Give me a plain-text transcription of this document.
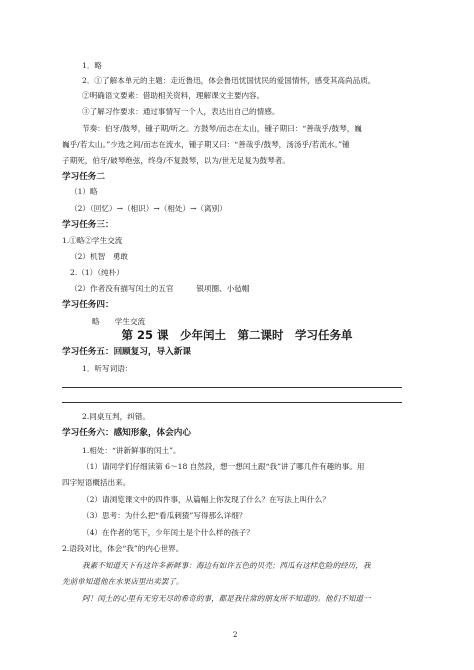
1．略
2．①了解本单元的主题：走近鲁迅，体会鲁迅忧国忧民的爱国情怀，感受其高尚品质。
②明确语文要素：借助相关资料，理解课文主要内容。
③了解习作要求：通过事情写一个人，表达出自己的情感。
节奏：伯牙/鼓琴，锺子期/听之。方鼓琴/而志在太山，锺子期曰：“善哉乎/鼓琴，巍
巍乎/若太山。”少选之间/而志在流水，锺子期又曰：“善哉乎/鼓琴，汤汤乎/若流水。”锺
子期死，伯牙/破琴绝弦，终身/不复鼓琴，以为/世无足复为鼓琴者。
学习任务二
（1）略
（2）（回忆）→（相识）→（相处）→（离别）
学习任务三：
1.①略②学生交流
（2）机智　勇敢
2.（1）（纯朴）
（2）作者没有描写闰土的五官　　　银项圈、小毡帽
学习任务四：
略　　学生交流
第 25 课　少年闰土　第二课时　学习任务单
学习任务五：回顾复习，导入新课
1．听写词语：
2.同桌互判，纠错。
学习任务六：感知形象，体会内心
1.相处：“讲新鲜事的闰土”。
（1）请同学们仔细读第 6～18 自然段，想一想闰土跟“我”讲了哪几件有趣的事。用
四字短语概括出来。
（2）请浏览课文中的四件事，从篇幅上你发现了什么？在写法上叫什么？
（3）思考：为什么把“看瓜刺猹”写得那么详细？
（4）在作者的笔下，少年闰土是个什么样的孩子？
2.语段对比，体会“我”的内心世界。
我素不知道天下有这许多新鲜事：海边有如许五色的贝壳；西瓜有这样危险的经历，我
先前单知道他在水果店里出卖罢了。
阿！闰土的心里有无穷无尽的希奇的事，都是我往常的朋友所不知道的。他们不知道一
2
